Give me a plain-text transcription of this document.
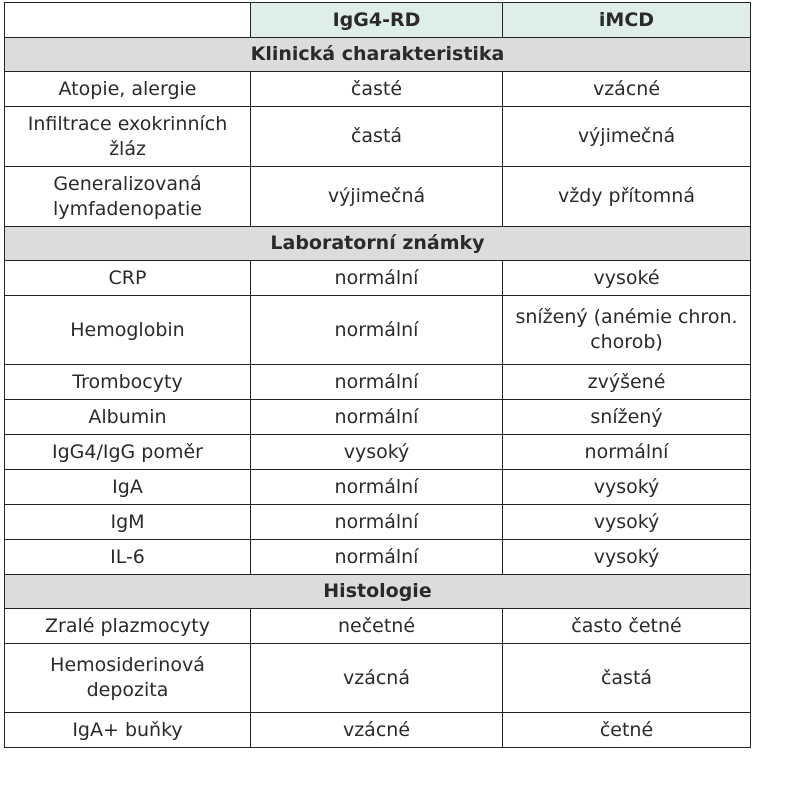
	IgG4-RD	iMCD
Klinická charakteristika		
Atopie, alergie	časté	vzácné
Infiltrace exokrinních žláz	častá	výjimečná
Generalizovaná lymfadenopatie	výjimečná	vždy přítomná
Laboratorní známky		
CRP	normální	vysoké
Hemoglobin	normální	snížený (anémie chron. chorob)
Trombocyty	normální	zvýšené
Albumin	normální	snížený
IgG4/IgG poměr	vysoký	normální
IgA	normální	vysoký
IgM	normální	vysoký
IL-6	normální	vysoký
Histologie		
Zralé plazmocyty	nečetné	často četné
Hemosiderinová depozita	vzácná	častá
IgA+ buňky	vzácné	četné
